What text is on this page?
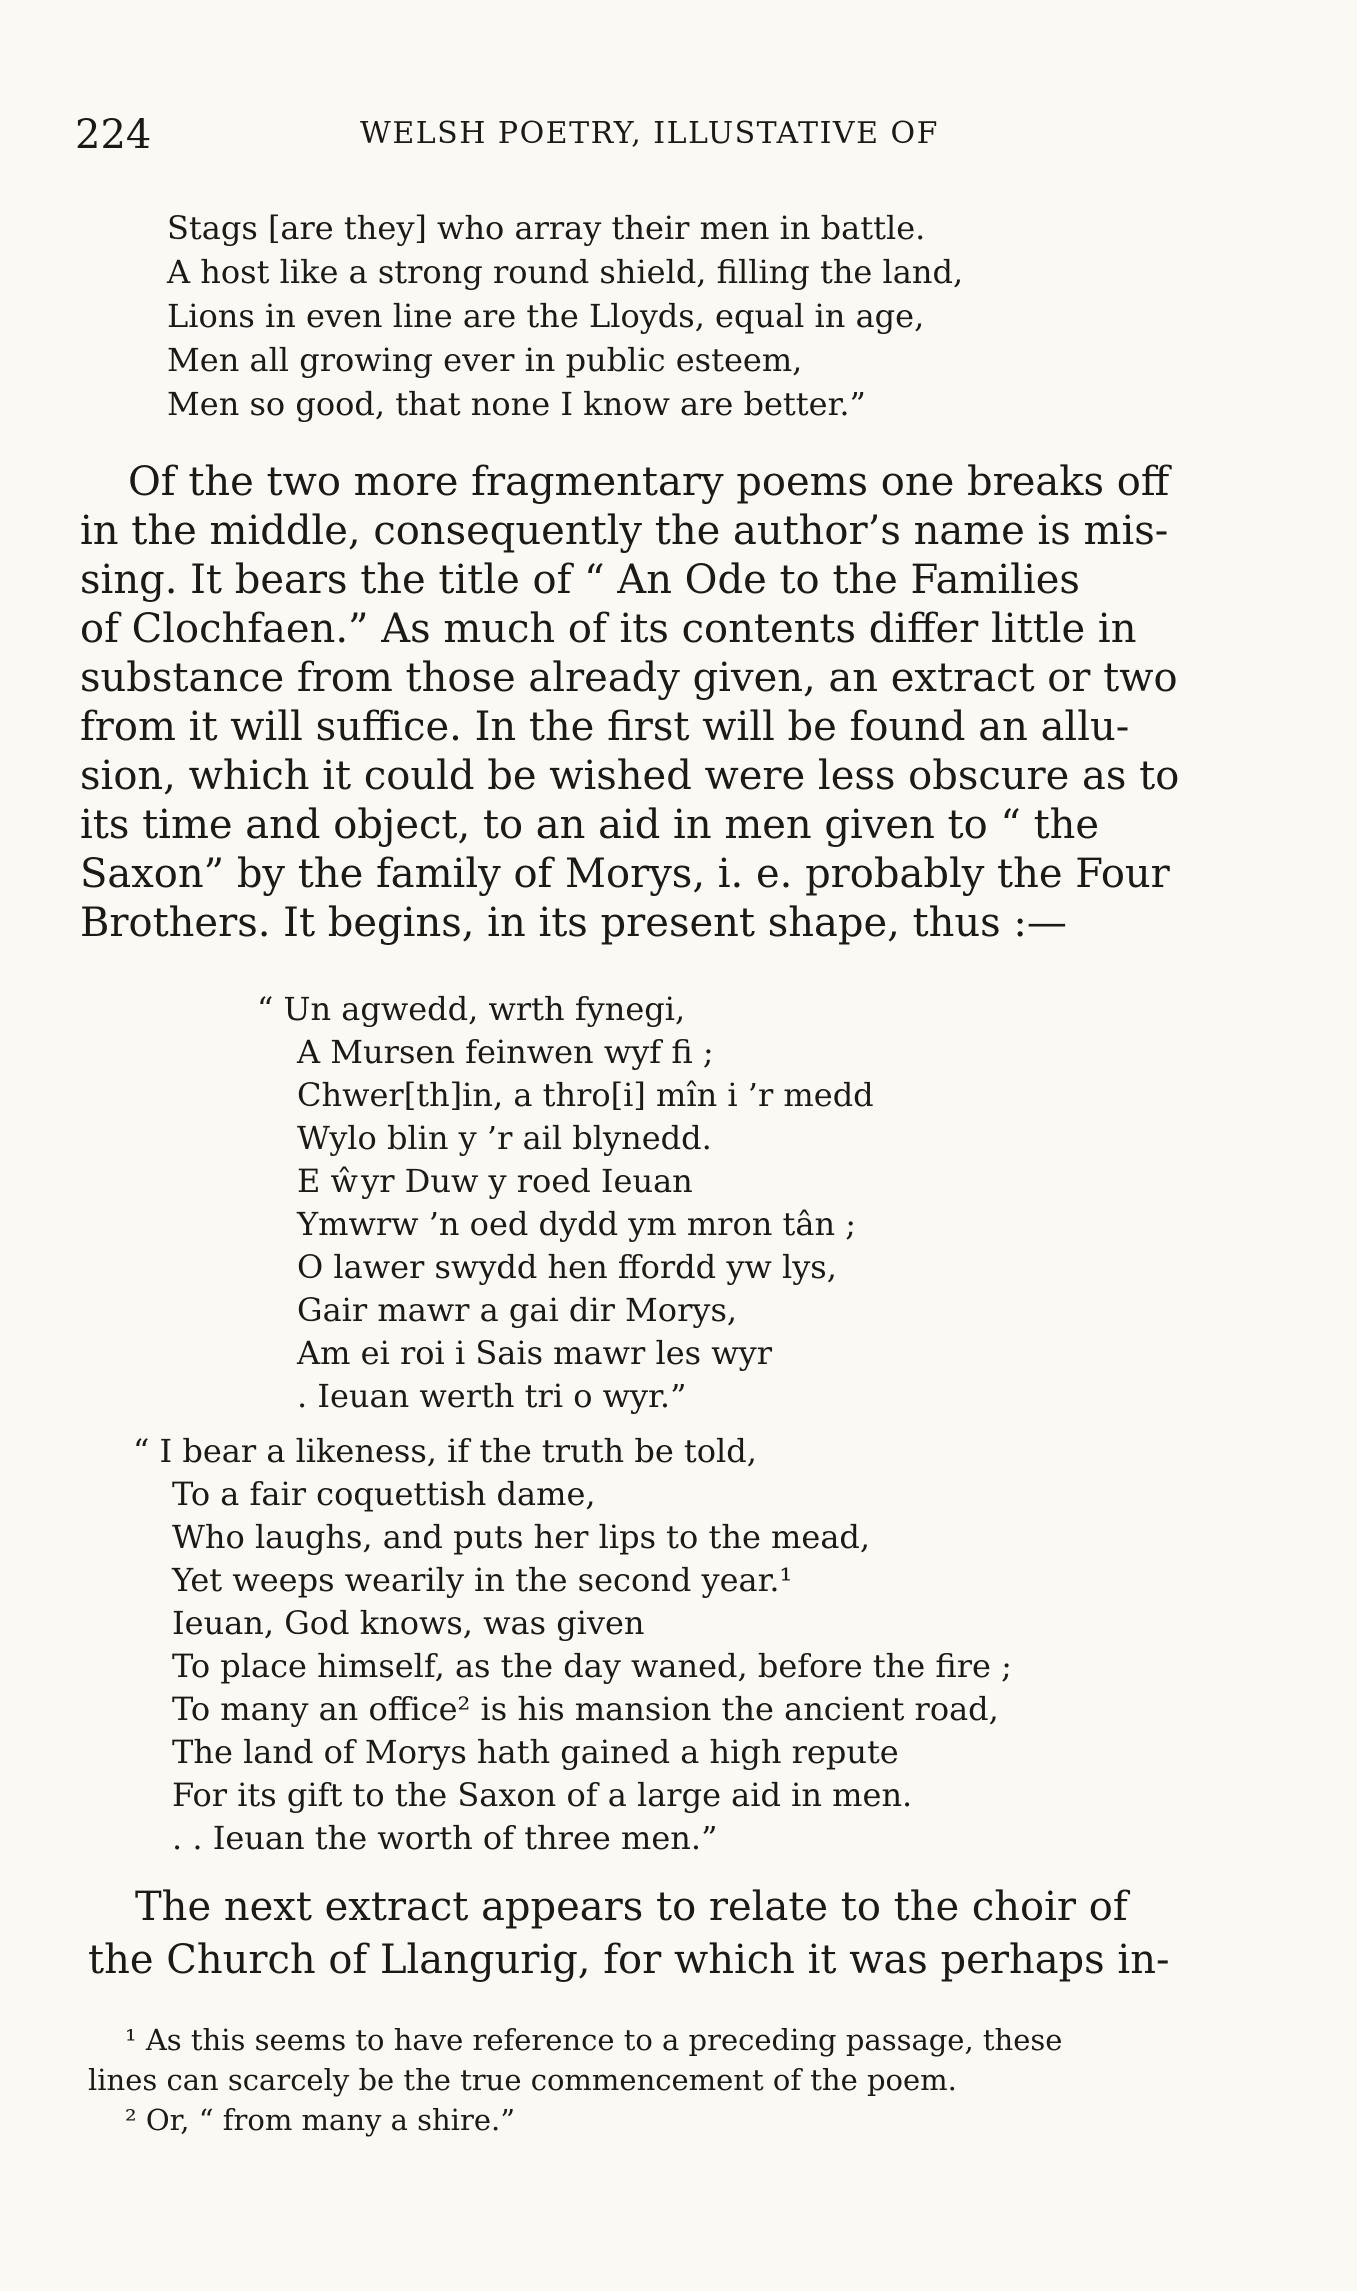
224	WELSH POETRY, ILLUSTATIVE OF
Stags [are they] who array their men in battle.
A host like a strong round shield, filling the land,
Lions in even line are the Lloyds, equal in age,
Men all growing ever in public esteem,
Men so good, that none I know are better.”
Of the two more fragmentary poems one breaks off
in the middle, consequently the author’s name is mis-
sing. It bears the title of “ An Ode to the Families
of Clochfaen.” As much of its contents differ little in
substance from those already given, an extract or two
from it will suffice. In the first will be found an allu-
sion, which it could be wished were less obscure as to
its time and object, to an aid in men given to “ the
Saxon” by the family of Morys, i. e. probably the Four
Brothers. It begins, in its present shape, thus :—
“ Un agwedd, wrth fynegi,
A Mursen feinwen wyf fi ;
Chwer[th]in, a thro[i] mîn i ’r medd
Wylo blin y ’r ail blynedd.
E ŵyr Duw y roed Ieuan
Ymwrw ’n oed dydd ym mron tân ;
O lawer swydd hen ffordd yw lys,
Gair mawr a gai dir Morys,
Am ei roi i Sais mawr les wyr
. Ieuan werth tri o wyr.”
“ I bear a likeness, if the truth be told,
To a fair coquettish dame,
Who laughs, and puts her lips to the mead,
Yet weeps wearily in the second year.¹
Ieuan, God knows, was given
To place himself, as the day waned, before the fire ;
To many an office² is his mansion the ancient road,
The land of Morys hath gained a high repute
For its gift to the Saxon of a large aid in men.
. . Ieuan the worth of three men.”
The next extract appears to relate to the choir of
the Church of Llangurig, for which it was perhaps in-
¹ As this seems to have reference to a preceding passage, these
lines can scarcely be the true commencement of the poem.
² Or, “ from many a shire.”
